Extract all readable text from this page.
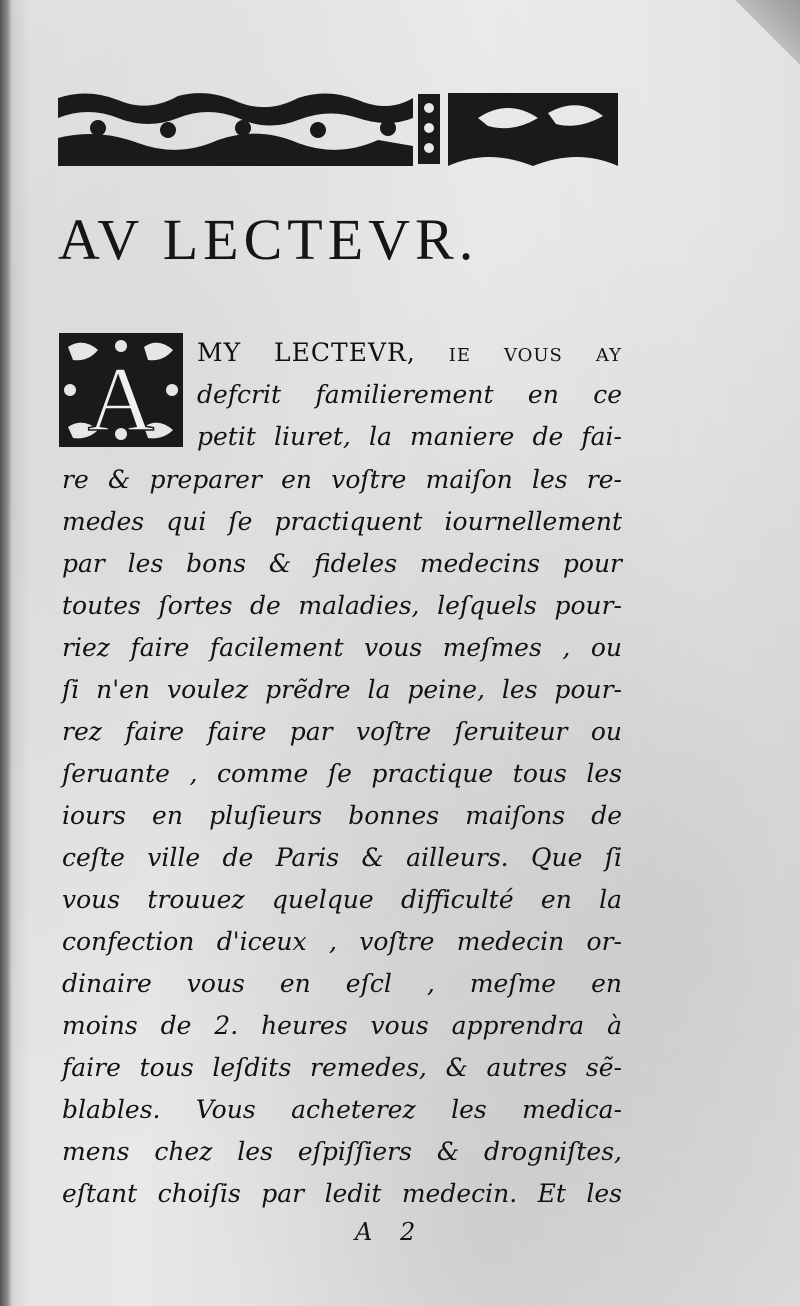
AV LECTEVR.
A MY LECTEVR, ie vous ay
defcrit familierement en ce
petit liuret, la maniere de fai-
re & preparer en voſtre maiſon les re-
medes qui ſe practiquent iournellement
par les bons & fideles medecins pour
toutes ſortes de maladies, leſquels pour-
riez faire facilement vous meſmes , ou
ſi n'en voulez prẽdre la peine, les pour-
rez faire faire par voſtre ſeruiteur ou
ſeruante , comme ſe practique tous les
iours en pluſieurs bonnes maiſons de
ceſte ville de Paris & ailleurs. Que ſi
vous trouuez quelque difficulté en la
confection d'iceux , voſtre medecin or-
dinaire vous en eſcl , meſme en
moins de 2. heures vous apprendra à
faire tous leſdits remedes, & autres sẽ-
blables. Vous acheterez les medica-
mens chez les eſpiſſiers & drogniſtes,
eſtant choiſis par ledit medecin. Et les
A 2
